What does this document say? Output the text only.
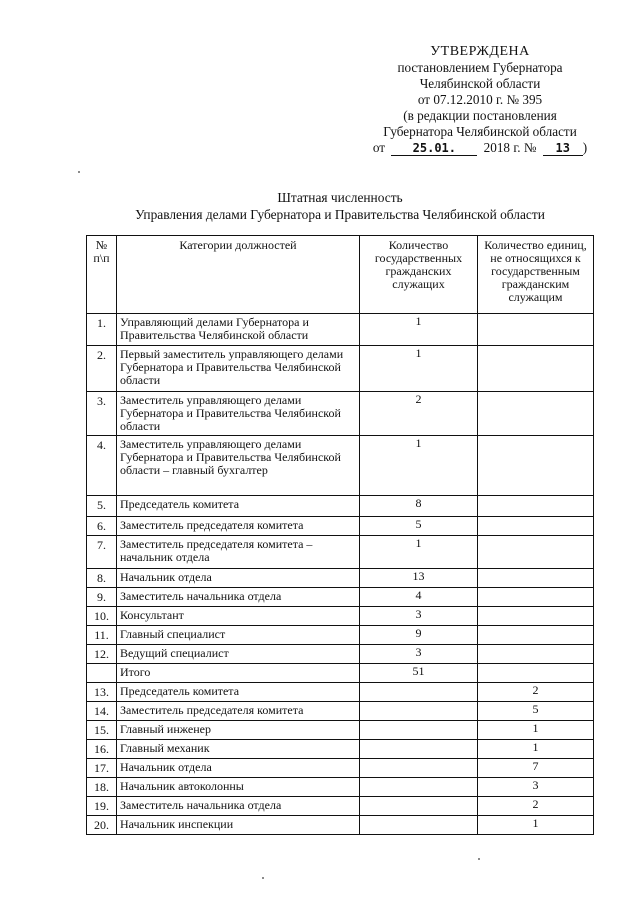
УТВЕРЖДЕНА
постановлением Губернатора
Челябинской области
от 07.12.2010 г. № 395
(в редакции постановления
Губернатора Челябинской области
от 25.01. 2018 г. № 13 )
Штатная численность
Управления делами Губернатора и Правительства Челябинской области
№ п\п	Категории должностей	Количество государственных гражданских служащих	Количество единиц, не относящихся к государственным гражданским служащим
1.	Управляющий делами Губернатора и Правительства Челябинской области	1	
2.	Первый заместитель управляющего делами Губернатора и Правительства Челябинской области	1	
3.	Заместитель управляющего делами Губернатора и Правительства Челябинской области	2	
4.	Заместитель управляющего делами Губернатора и Правительства Челябинской области – главный бухгалтер	1	
5.	Председатель комитета	8	
6.	Заместитель председателя комитета	5	
7.	Заместитель председателя комитета – начальник отдела	1	
8.	Начальник отдела	13	
9.	Заместитель начальника отдела	4	
10.	Консультант	3	
11.	Главный специалист	9	
12.	Ведущий специалист	3	
	Итого	51	
13.	Председатель комитета		2
14.	Заместитель председателя комитета		5
15.	Главный инженер		1
16.	Главный механик		1
17.	Начальник отдела		7
18.	Начальник автоколонны		3
19.	Заместитель начальника отдела		2
20.	Начальник инспекции		1
